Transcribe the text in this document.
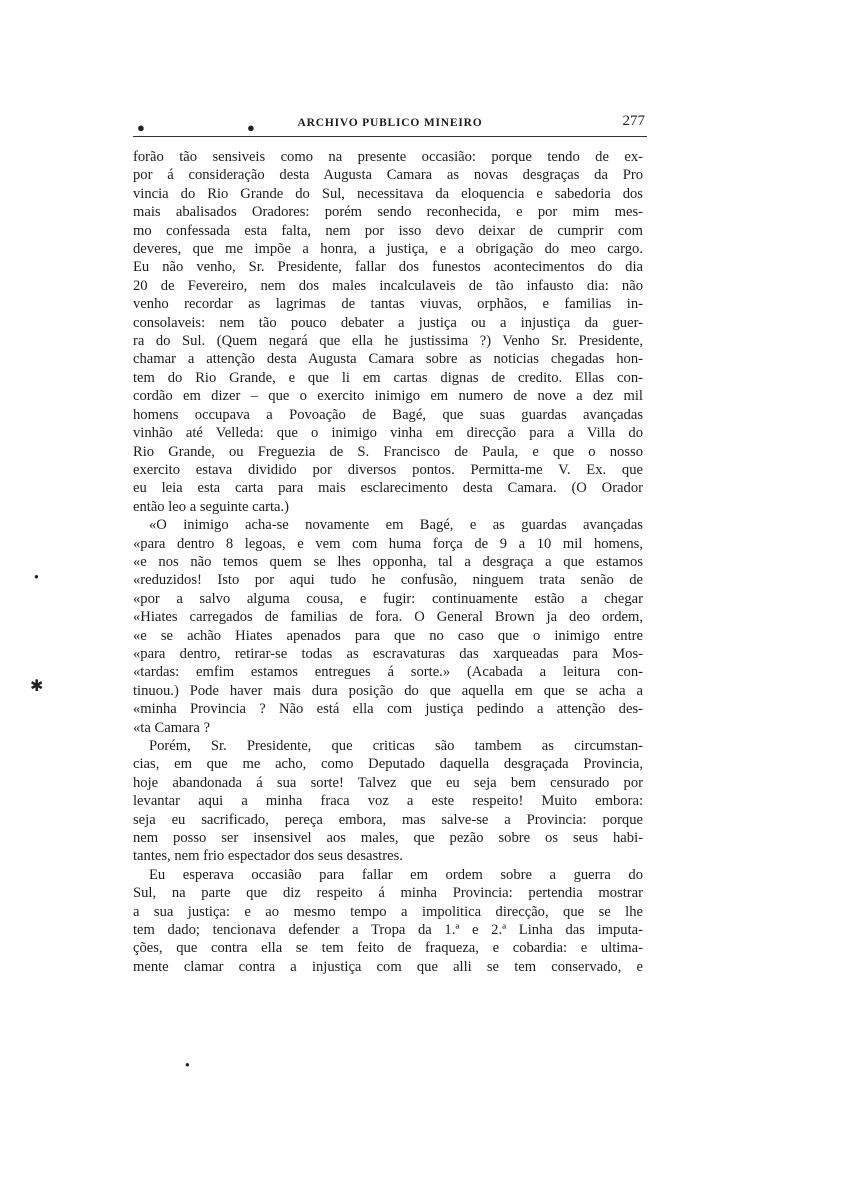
●	●	ARCHIVO PUBLICO MINEIRO	277
forão tão sensiveis como na presente occasião: porque tendo de ex-
por á consideração desta Augusta Camara as novas desgraças da Pro
vincia do Rio Grande do Sul, necessitava da eloquencia e sabedoria dos
mais abalisados Oradores: porém sendo reconhecida, e por mim mes-
mo confessada esta falta, nem por isso devo deixar de cumprir com
deveres, que me impõe a honra, a justiça, e a obrigação do meo cargo.
Eu não venho, Sr. Presidente, fallar dos funestos acontecimentos do dia
20 de Fevereiro, nem dos males incalculaveis de tão infausto dia: não
venho recordar as lagrimas de tantas viuvas, orphãos, e familias in-
consolaveis: nem tão pouco debater a justiça ou a injustiça da guer-
ra do Sul. (Quem negará que ella he justissima ?) Venho Sr. Presidente,
chamar a attenção desta Augusta Camara sobre as noticias chegadas hon-
tem do Rio Grande, e que li em cartas dignas de credito. Ellas con-
cordão em dizer – que o exercito inimigo em numero de nove a dez mil
homens occupava a Povoação de Bagé, que suas guardas avançadas
vinhão até Velleda: que o inimigo vinha em direcção para a Villa do
Rio Grande, ou Freguezia de S. Francisco de Paula, e que o nosso
exercito estava dividido por diversos pontos. Permitta-me V. Ex. que
eu leia esta carta para mais esclarecimento desta Camara. (O Orador
então leo a seguinte carta.)
«O inimigo acha-se novamente em Bagé, e as guardas avançadas
«para dentro 8 legoas, e vem com huma força de 9 a 10 mil homens,
«e nos não temos quem se lhes opponha, tal a desgraça a que estamos
«reduzidos! Isto por aqui tudo he confusão, ninguem trata senão de
«por a salvo alguma cousa, e fugir: continuamente estão a chegar
«Hiates carregados de familias de fora. O General Brown ja deo ordem,
«e se achão Hiates apenados para que no caso que o inimigo entre
«para dentro, retirar-se todas as escravaturas das xarqueadas para Mos-
«tardas: emfim estamos entregues á sorte.» (Acabada a leitura con-
tinuou.) Pode haver mais dura posição do que aquella em que se acha a
«minha Provincia ? Não está ella com justiça pedindo a attenção des-
«ta Camara ?
Porém, Sr. Presidente, que criticas são tambem as circumstan-
cias, em que me acho, como Deputado daquella desgraçada Provincia,
hoje abandonada á sua sorte! Talvez que eu seja bem censurado por
levantar aqui a minha fraca voz a este respeito! Muito embora:
seja eu sacrificado, pereça embora, mas salve-se a Provincia: porque
nem posso ser insensivel aos males, que pezão sobre os seus habi-
tantes, nem frio espectador dos seus desastres.
Eu esperava occasião para fallar em ordem sobre a guerra do
Sul, na parte que diz respeito á minha Provincia: pertendia mostrar
a sua justiça: e ao mesmo tempo a impolitica direcção, que se lhe
tem dado; tencionava defender a Tropa da 1.ª e 2.ª Linha das imputa-
ções, que contra ella se tem feito de fraqueza, e cobardia: e ultima-
mente clamar contra a injustiça com que alli se tem conservado, e
●
✱
●
